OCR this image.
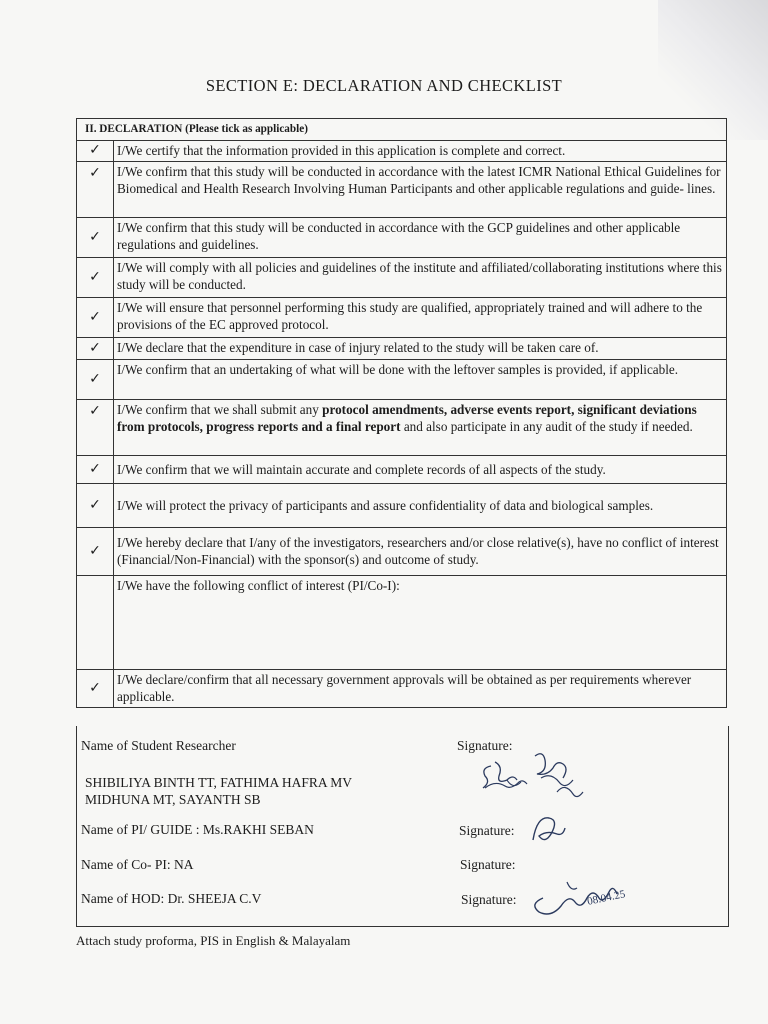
SECTION E: DECLARATION AND CHECKLIST
II. DECLARATION (Please tick as applicable)	
✓	I/We certify that the information provided in this application is complete and correct.
✓	I/We confirm that this study will be conducted in accordance with the latest ICMR National Ethical Guidelines for Biomedical and Health Research Involving Human Participants and other applicable regulations and guide- lines.
✓	I/We confirm that this study will be conducted in accordance with the GCP guidelines and other applicable regulations and guidelines.
✓	I/We will comply with all policies and guidelines of the institute and affiliated/collaborating institutions where this study will be conducted.
✓	I/We will ensure that personnel performing this study are qualified, appropriately trained and will adhere to the provisions of the EC approved protocol.
✓	I/We declare that the expenditure in case of injury related to the study will be taken care of.
✓	I/We confirm that an undertaking of what will be done with the leftover samples is provided, if applicable.
✓	I/We confirm that we shall submit any protocol amendments, adverse events report, significant deviations from protocols, progress reports and a final report and also participate in any audit of the study if needed.
✓	I/We confirm that we will maintain accurate and complete records of all aspects of the study.
✓	I/We will protect the privacy of participants and assure confidentiality of data and biological samples.
✓	I/We hereby declare that I/any of the investigators, researchers and/or close relative(s), have no conflict of interest (Financial/Non-Financial) with the sponsor(s) and outcome of study.
	I/We have the following conflict of interest (PI/Co-I):
✓	I/We declare/confirm that all necessary government approvals will be obtained as per requirements wherever applicable.
Name of Student Researcher	Signature:
SHIBILIYA BINTH TT, FATHIMA HAFRA MV
MIDHUNA MT, SAYANTH SB
Name of PI/ GUIDE : Ms.RAKHI SEBAN	Signature:
Name of Co- PI: NA	Signature:
Name of HOD: Dr. SHEEJA C.V	Signature:	08.04.25
Attach study proforma, PIS in English & Malayalam
